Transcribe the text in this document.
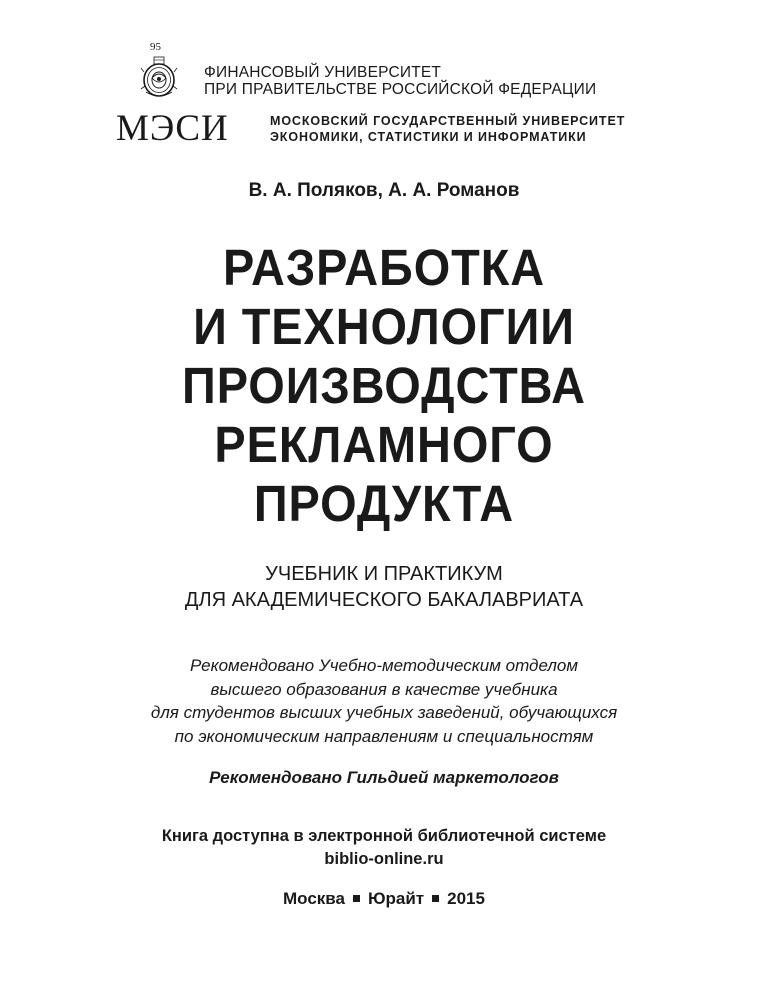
95
ФИНАНСОВЫЙ УНИВЕРСИТЕТ
ПРИ ПРАВИТЕЛЬСТВЕ РОССИЙСКОЙ ФЕДЕРАЦИИ
МЭСИ	МОСКОВСКИЙ ГОСУДАРСТВЕННЫЙ УНИВЕРСИТЕТ
ЭКОНОМИКИ, СТАТИСТИКИ И ИНФОРМАТИКИ
В. А. Поляков, А. А. Романов
РАЗРАБОТКА
И ТЕХНОЛОГИИ
ПРОИЗВОДСТВА
РЕКЛАМНОГО
ПРОДУКТА
УЧЕБНИК И ПРАКТИКУМ
ДЛЯ АКАДЕМИЧЕСКОГО БАКАЛАВРИАТА
Рекомендовано Учебно-методическим отделом
высшего образования в качестве учебника
для студентов высших учебных заведений, обучающихся
по экономическим направлениям и специальностям
Рекомендовано Гильдией маркетологов
Книга доступна в электронной библиотечной системе
biblio-online.ru
Москва Юрайт 2015
